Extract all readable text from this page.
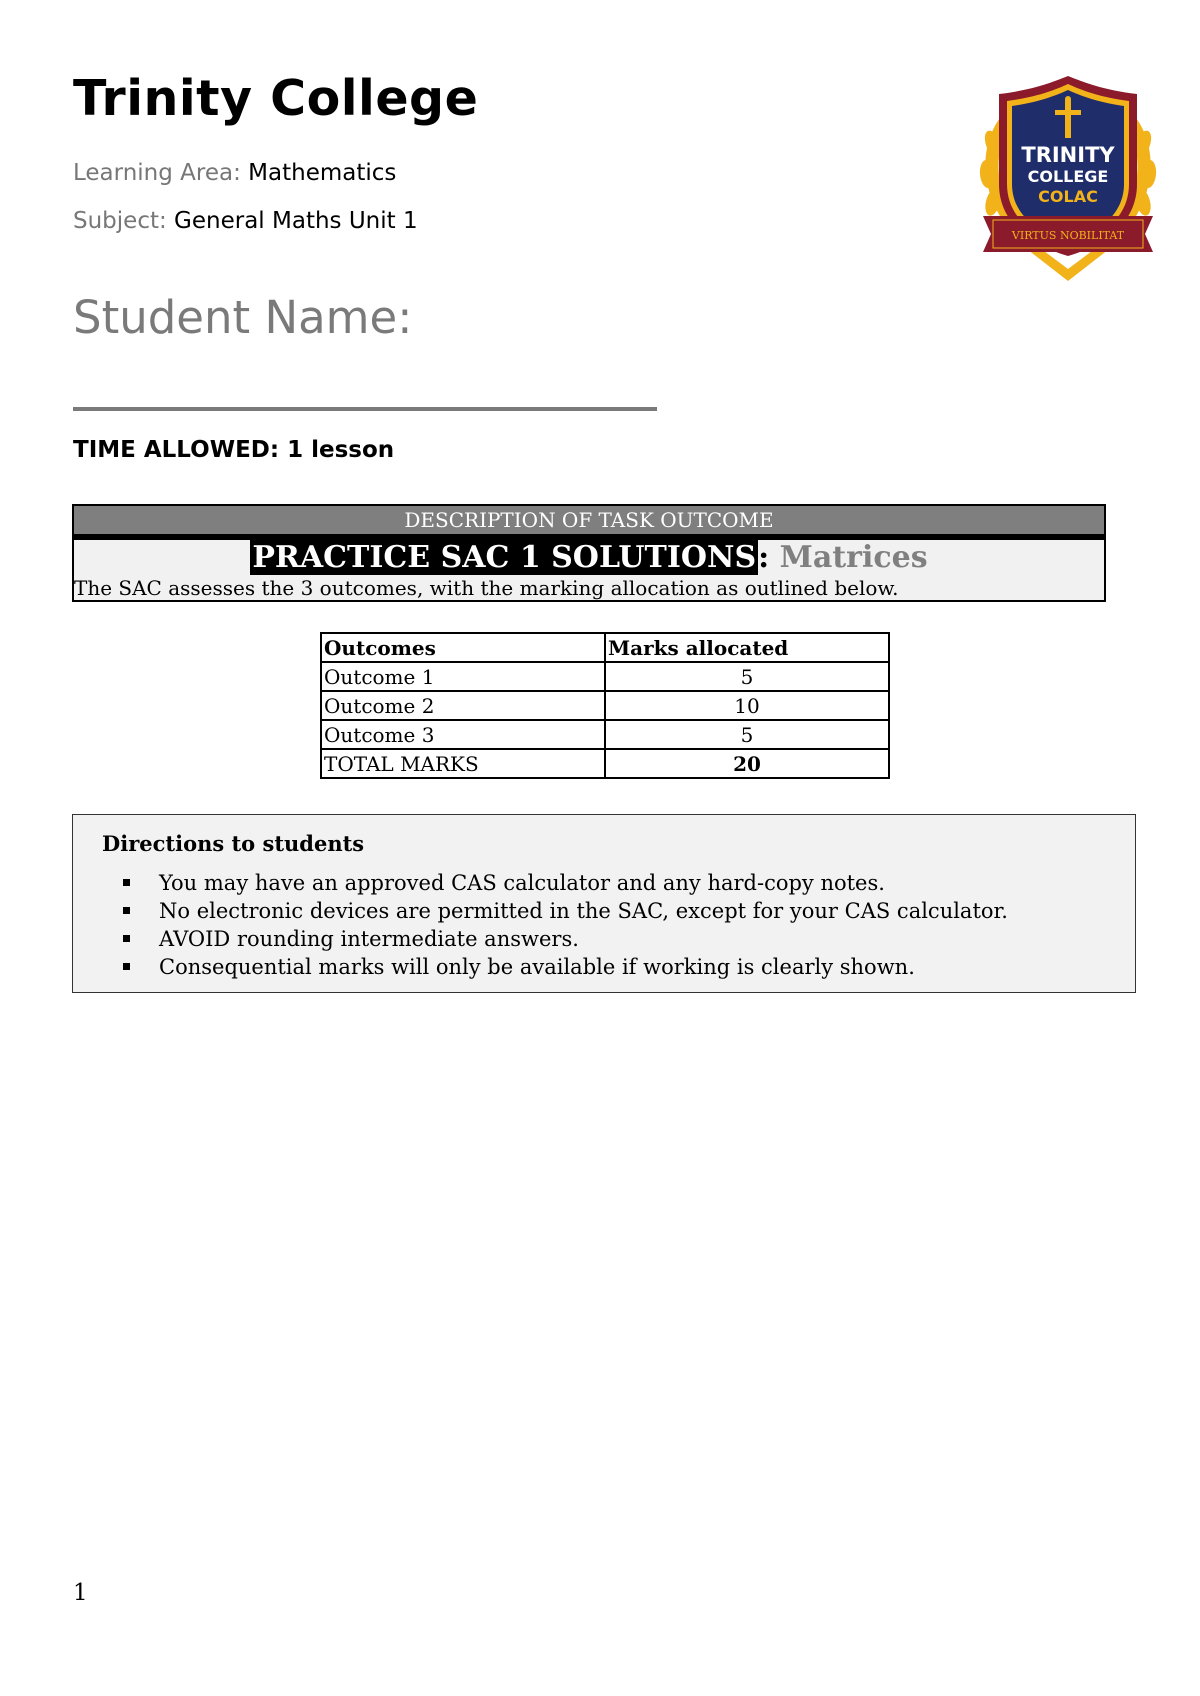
Trinity College
Learning Area: Mathematics
Subject: General Maths Unit 1
Student Name:
TIME ALLOWED: 1 lesson
TRINITY
COLLEGE
COLAC
VIRTUS NOBILITAT
DESCRIPTION OF TASK OUTCOME
PRACTICE SAC 1 SOLUTIONS: Matrices
The SAC assesses the 3 outcomes, with the marking allocation as outlined below.
Outcomes	Marks allocated
Outcome 1	5
Outcome 2	10
Outcome 3	5
TOTAL MARKS	20
Directions to students
You may have an approved CAS calculator and any hard-copy notes.
No electronic devices are permitted in the SAC, except for your CAS calculator.
AVOID rounding intermediate answers.
Consequential marks will only be available if working is clearly shown.
1
